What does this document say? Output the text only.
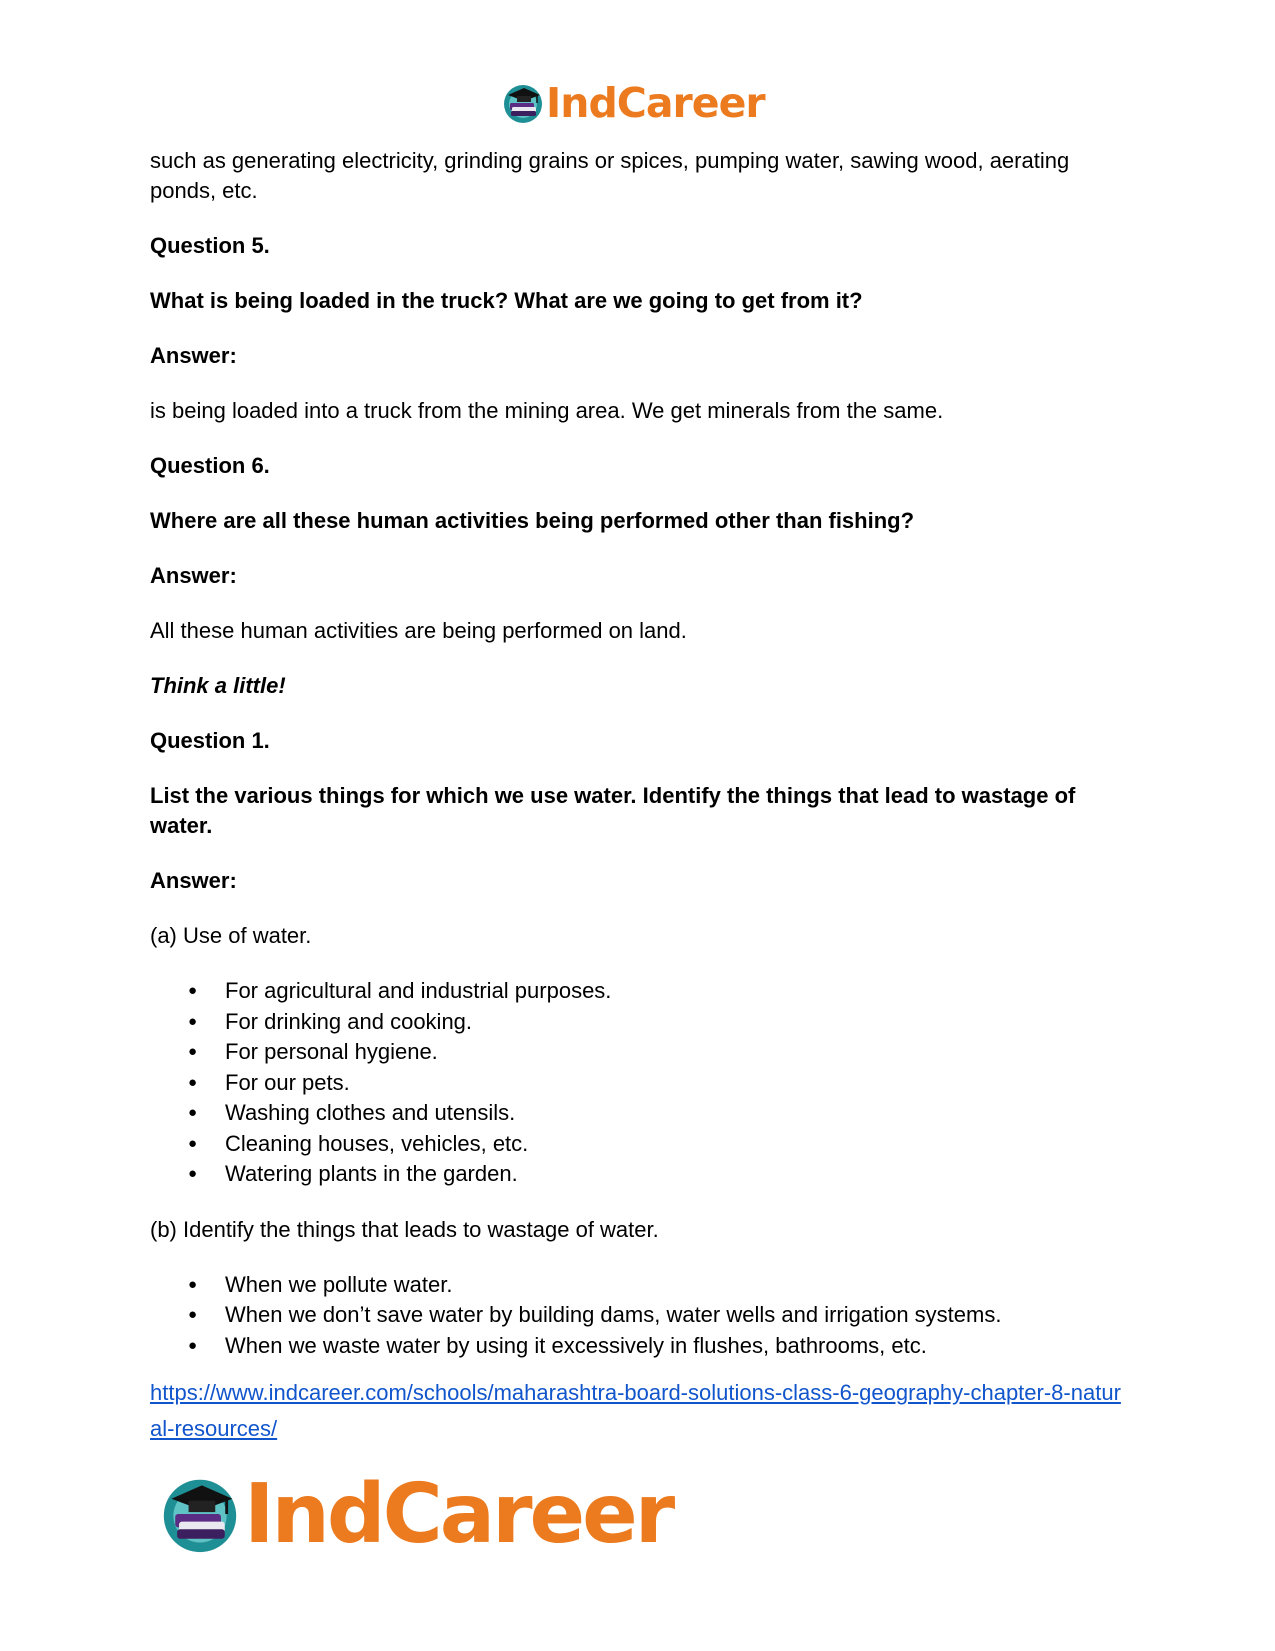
IndCareer

such as generating electricity, grinding grains or spices, pumping water, sawing wood, aerating ponds, etc.

Question 5.

What is being loaded in the truck? What are we going to get from it?

Answer:

is being loaded into a truck from the mining area. We get minerals from the same.

Question 6.

Where are all these human activities being performed other than fishing?

Answer:

All these human activities are being performed on land.

Think a little!

Question 1.

List the various things for which we use water. Identify the things that lead to wastage of water.

Answer:

(a) Use of water.

● For agricultural and industrial purposes.
● For drinking and cooking.
● For personal hygiene.
● For our pets.
● Washing clothes and utensils.
● Cleaning houses, vehicles, etc.
● Watering plants in the garden.

(b) Identify the things that leads to wastage of water.

● When we pollute water.
● When we don’t save water by building dams, water wells and irrigation systems.
● When we waste water by using it excessively in flushes, bathrooms, etc.
https://www.indcareer.com/schools/maharashtra-board-solutions-class-6-geography-chapter-8-natural-resources/
IndCareer
